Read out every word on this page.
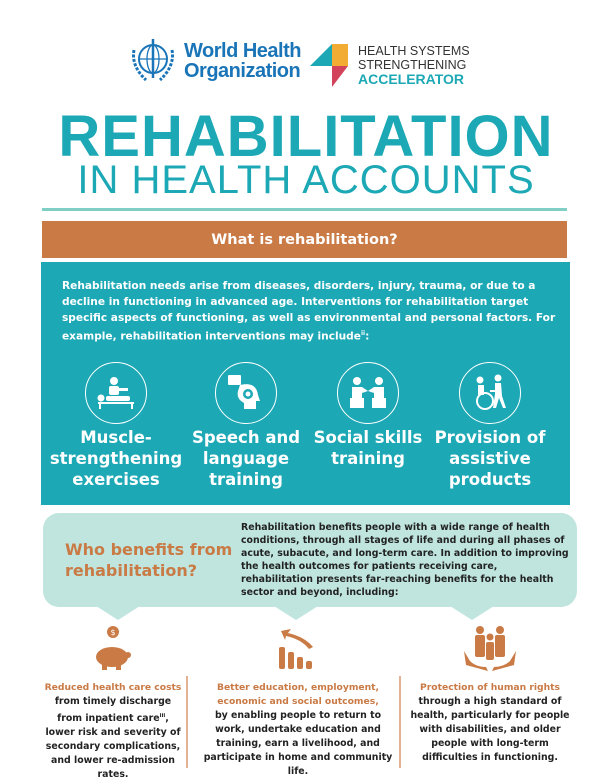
World Health
Organization
HEALTH SYSTEMS
STRENGTHENING
ACCELERATOR
REHABILITATION
IN HEALTH ACCOUNTS
What is rehabilitation?
Rehabilitation needs arise from diseases, disorders, injury, trauma, or due to a decline in functioning in advanced age. Interventions for rehabilitation target specific aspects of functioning, as well as environmental and personal factors. For example, rehabilitation interventions may include$^{ii}$:
Muscle-strengthening exercises
Speech and language training
Social skills training
Provision of assistive products
Who benefits from rehabilitation?
Rehabilitation benefits people with a wide range of health conditions, through all stages of life and during all phases of acute, subacute, and long-term care. In addition to improving the health outcomes for patients receiving care, rehabilitation presents far-reaching benefits for the health sector and beyond, including:
$
Reduced health care costs

from timely discharge from inpatient care$^{iii}$, lower risk and severity of secondary complications, and lower re-admission rates.

Better education, employment, economic and social outcomes,

by enabling people to return to work, undertake education and training, earn a livelihood, and participate in home and community life.

Protection of human rights

through a high standard of health, particularly for people with disabilities, and older people with long-term difficulties in functioning.
